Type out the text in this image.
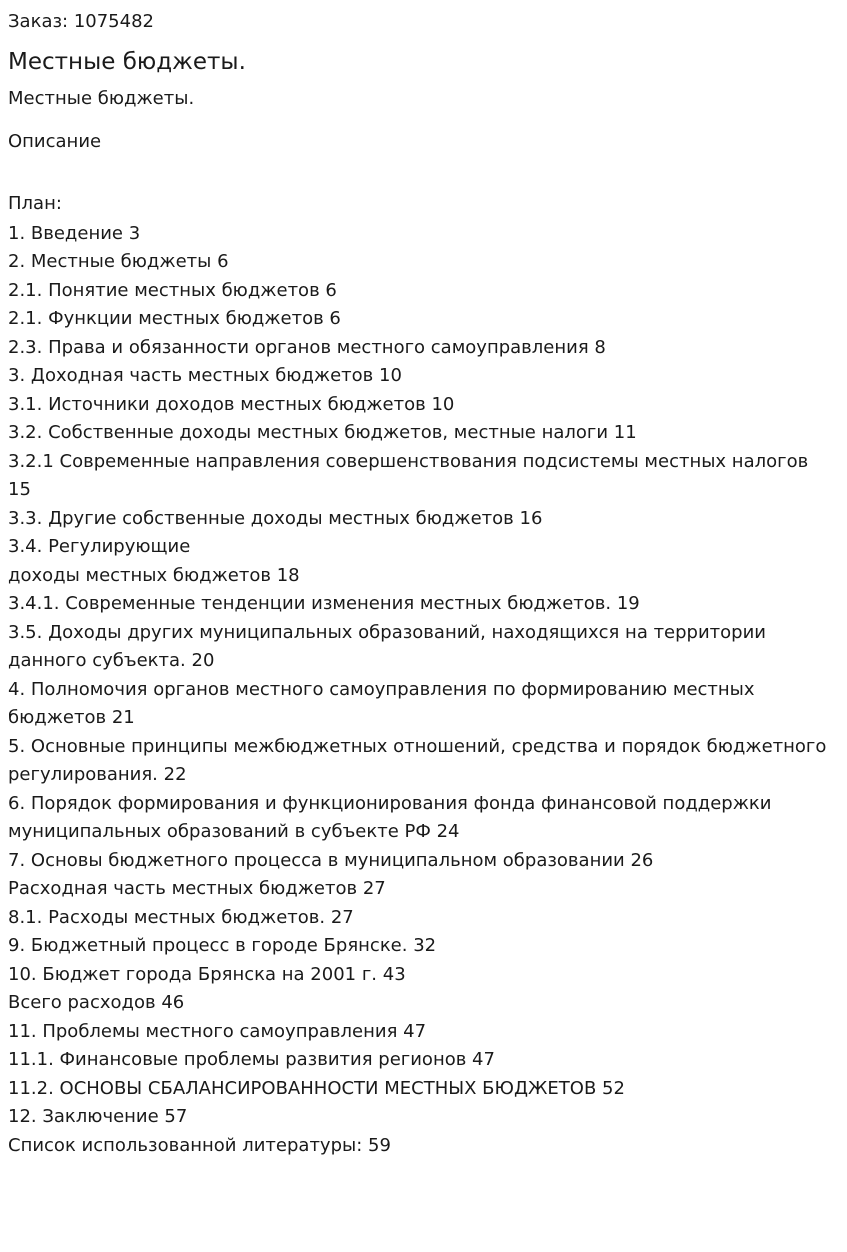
Заказ: 1075482

Местные бюджеты.

Местные бюджеты.

Описание

План:

1. Введение 3
2. Местные бюджеты 6
2.1. Понятие местных бюджетов 6
2.1. Функции местных бюджетов 6
2.3. Права и обязанности органов местного самоуправления 8
3. Доходная часть местных бюджетов 10
3.1. Источники доходов местных бюджетов 10
3.2. Собственные доходы местных бюджетов, местные налоги 11
3.2.1 Современные направления совершенствования подсистемы местных налогов 15
3.3. Другие собственные доходы местных бюджетов 16
3.4. Регулирующие
доходы местных бюджетов 18
3.4.1. Современные тенденции изменения местных бюджетов. 19
3.5. Доходы других муниципальных образований, находящихся на территории данного субъекта. 20
4. Полномочия органов местного самоуправления по формированию местных бюджетов 21
5. Основные принципы межбюджетных отношений, средства и порядок бюджетного регулирования. 22
6. Порядок формирования и функционирования фонда финансовой поддержки муниципальных образований в субъекте РФ 24
7. Основы бюджетного процесса в муниципальном образовании 26
Расходная часть местных бюджетов 27
8.1. Расходы местных бюджетов. 27
9. Бюджетный процесс в городе Брянске. 32
10. Бюджет города Брянска на 2001 г. 43
Всего расходов 46
11. Проблемы местного самоуправления 47
11.1. Финансовые проблемы развития регионов 47
11.2. ОСНОВЫ СБАЛАНСИРОВАННОСТИ МЕСТНЫХ БЮДЖЕТОВ 52
12. Заключение 57
Список использованной литературы: 59
